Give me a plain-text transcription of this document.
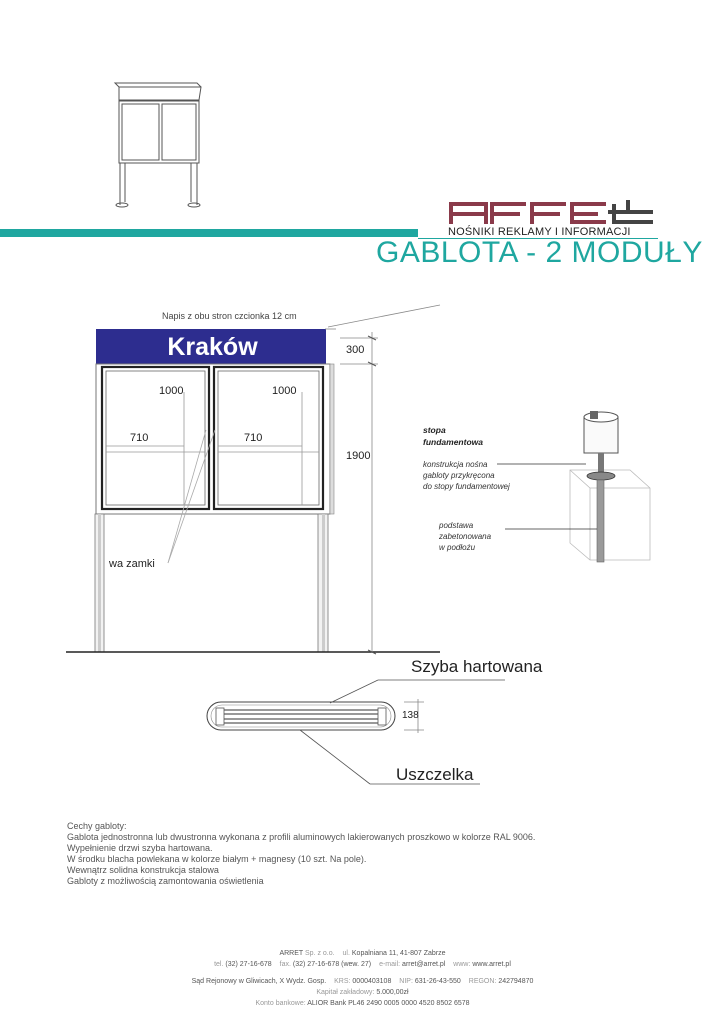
NOŚNIKI REKLAMY I INFORMACJI
GABLOTA - 2 MODUŁY
Napis z obu stron czcionka 12 cm
Kraków
1000	1000
710	710
300
1900
wa zamki
stopa
fundamentowa
konstrukcja nośna
gabloty przykręcona
do stopy fundamentowej
podstawa
zabetonowana
w podłożu
Szyba hartowana
Uszczelka
138
Cechy gabloty:
Gablota jednostronna lub dwustronna wykonana z profili aluminowych lakierowanych proszkowo w kolorze RAL 9006.
Wypełnienie drzwi szyba hartowana.
W środku blacha powlekana w kolorze białym + magnesy (10 szt. Na pole).
Wewnątrz solidna konstrukcja stalowa
Gabloty z możliwością zamontowania oświetlenia
ARRET Sp. z o.o. ul. Kopalniana 11, 41-807 Zabrze
tel. (32) 27-16-678 fax. (32) 27-16-678 (wew. 27) e-mail: arret@arret.pl www: www.arret.pl
Sąd Rejonowy w Gliwicach, X Wydz. Gosp. KRS: 0000403108 NIP: 631-26-43-550 REGON: 242794870
Kapitał zakładowy: 5.000,00zł
Konto bankowe: ALIOR Bank PL46 2490 0005 0000 4520 8502 6578
